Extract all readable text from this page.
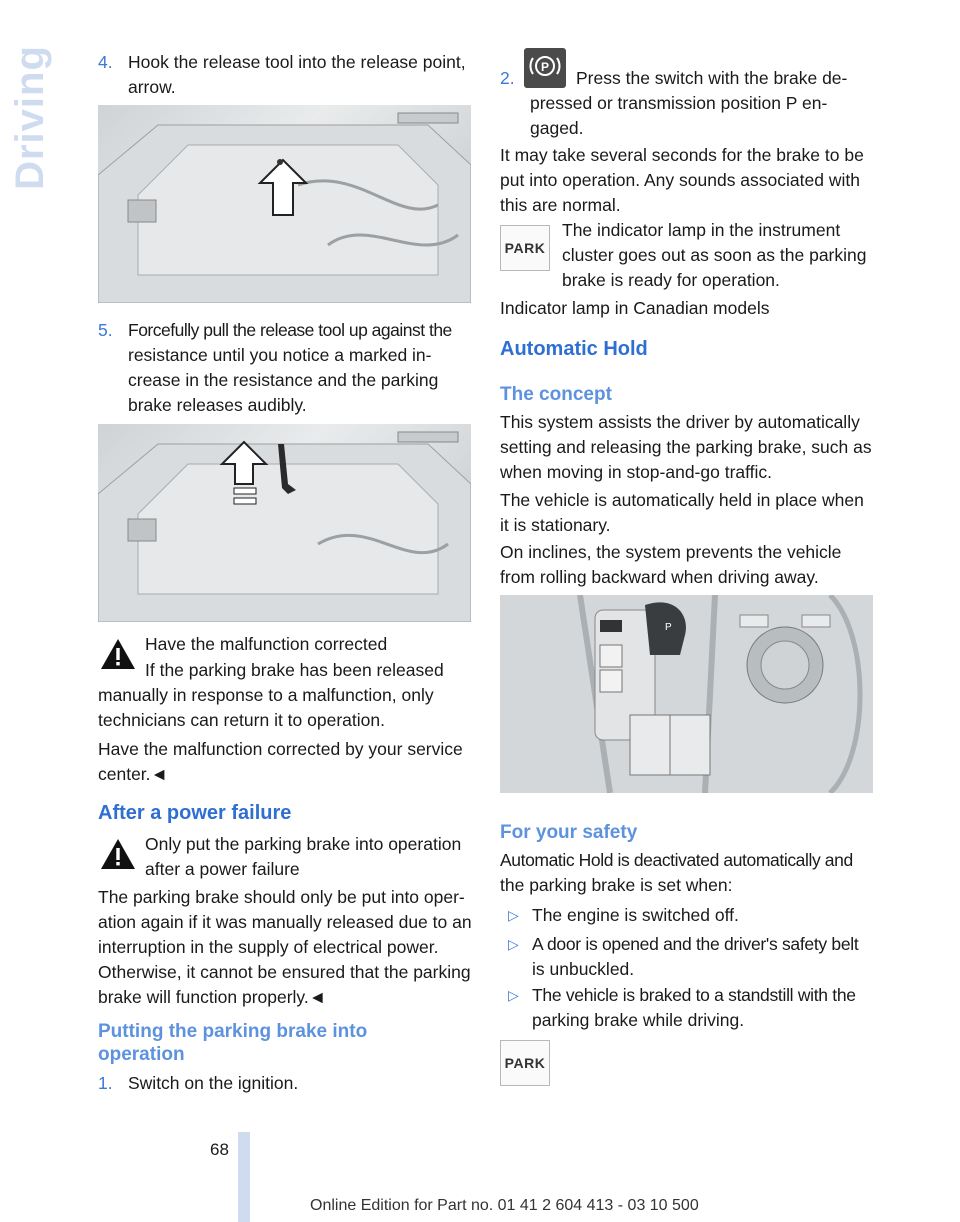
Driving	4. Hook the release tool into the release point,

arrow.

5. Forcefully pull the release tool up against the

resistance until you notice a marked in-

crease in the resistance and the parking

brake releases audibly.

Have the malfunction corrected

If the parking brake has been released

manually in response to a malfunction, only

technicians can return it to operation.

Have the malfunction corrected by your service

center.◄

After a power failure

Only put the parking brake into operation

after a power failure

The parking brake should only be put into oper-

ation again if it was manually released due to an

interruption in the supply of electrical power.

Otherwise, it cannot be ensured that the parking

brake will function properly.◄

Putting the parking brake into

operation

1. Switch on the ignition.

2.
P

Press the switch with the brake de-

pressed or transmission position P en-

gaged.

It may take several seconds for the brake to be

put into operation. Any sounds associated with

this are normal.

PARK

The indicator lamp in the instrument

cluster goes out as soon as the parking

brake is ready for operation.

Indicator lamp in Canadian models

Automatic Hold

The concept

This system assists the driver by automatically

setting and releasing the parking brake, such as

when moving in stop-and-go traffic.

The vehicle is automatically held in place when

it is stationary.

On inclines, the system prevents the vehicle

from rolling backward when driving away.

P

For your safety

Automatic Hold is deactivated automatically and

the parking brake is set when:

▷ The engine is switched off.

▷ A door is opened and the driver's safety belt

is unbuckled.

▷ The vehicle is braked to a standstill with the

parking brake while driving.

PARK
68
Online Edition for Part no. 01 41 2 604 413 - 03 10 500
